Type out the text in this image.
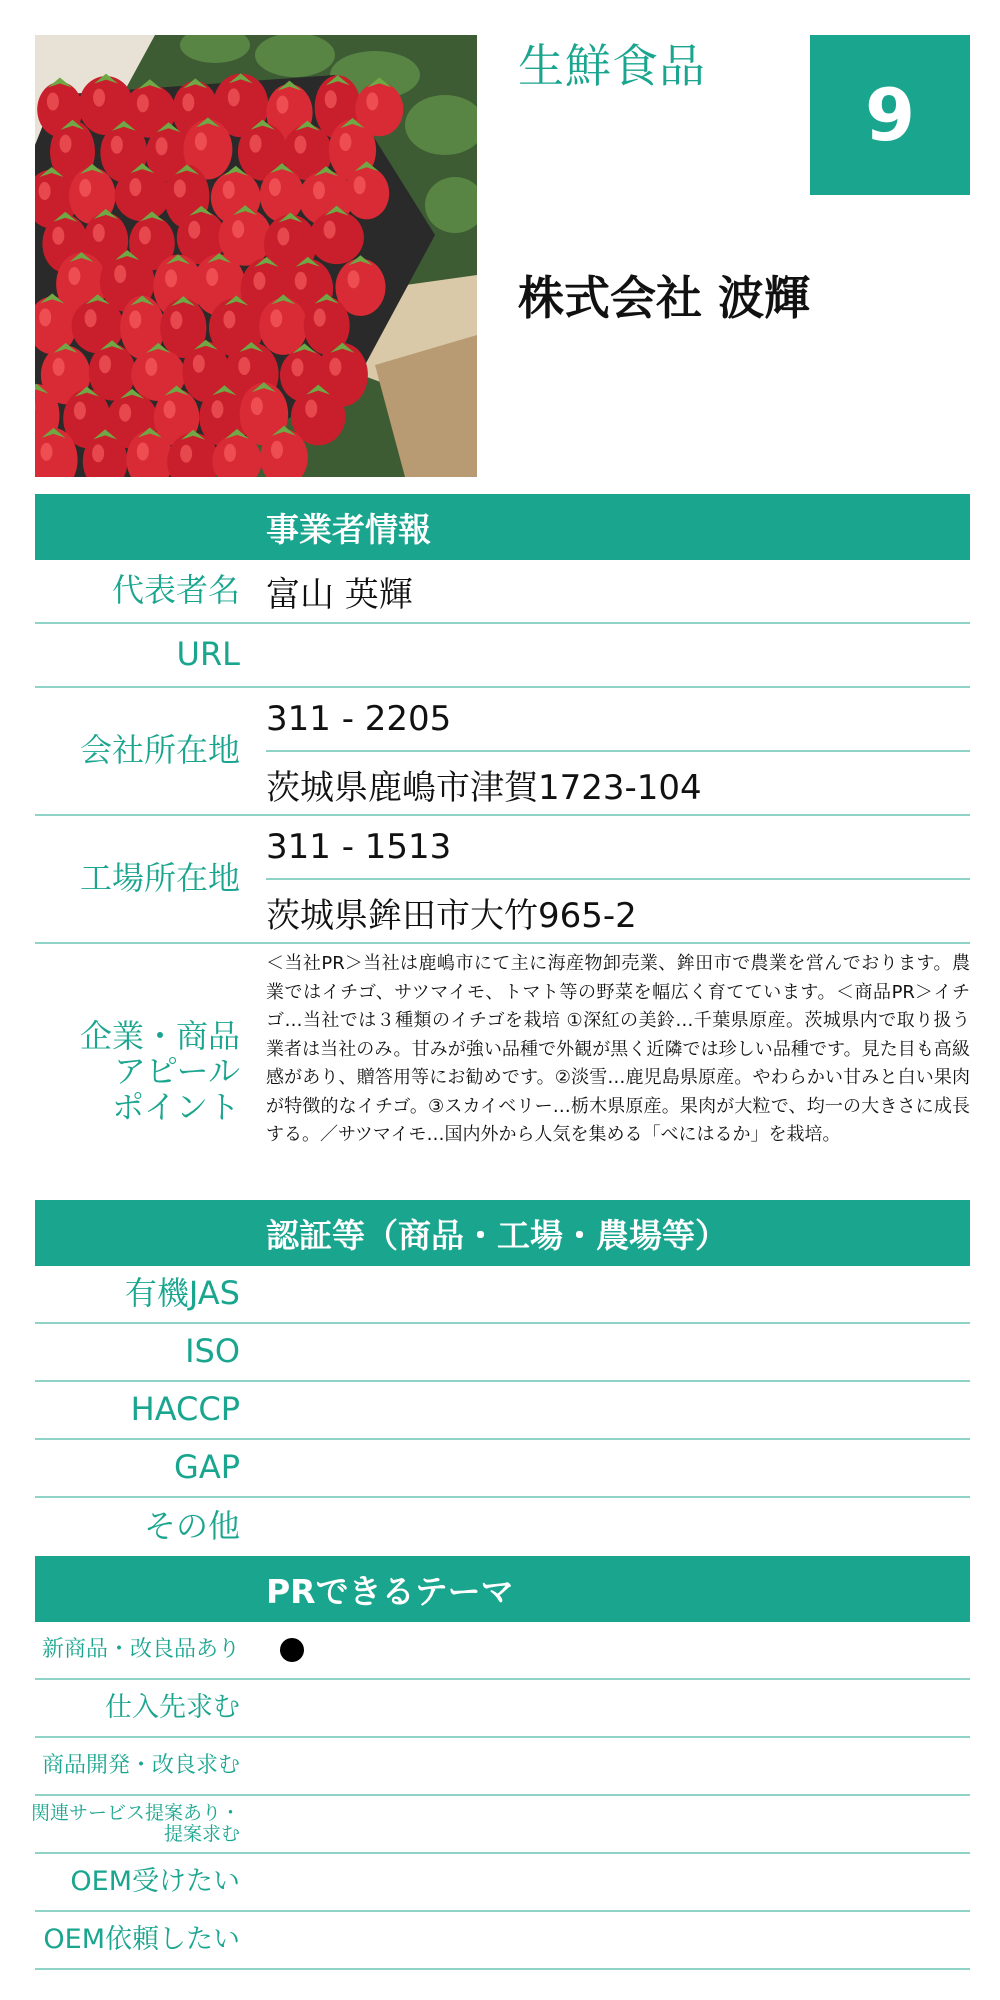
生鮮食品
9
株式会社 波輝
事業者情報
代表者名 富山 英輝
URL
会社所在地
311 - 2205
茨城県鹿嶋市津賀1723-104
工場所在地
311 - 1513
茨城県鉾田市大竹965-2
企業・商品
アピール
ポイント
＜当社PR＞当社は鹿嶋市にて主に海産物卸売業、鉾田市で農業を営んでおります。農業ではイチゴ、サツマイモ、トマト等の野菜を幅広く育てています。＜商品PR＞イチゴ…当社では３種類のイチゴを栽培 ①深紅の美鈴…千葉県原産。茨城県内で取り扱う業者は当社のみ。甘みが強い品種で外観が黒く近隣では珍しい品種です。見た目も高級感があり、贈答用等にお勧めです。②淡雪…鹿児島県原産。やわらかい甘みと白い果肉が特徴的なイチゴ。③スカイベリー…栃木県原産。果肉が大粒で、均一の大きさに成長する。／サツマイモ…国内外から人気を集める「べにはるか」を栽培。
認証等（商品・工場・農場等）
有機JAS
ISO
HACCP
GAP
その他
PRできるテーマ
新商品・改良品あり
仕入先求む
商品開発・改良求む
関連サービス提案あり・
提案求む
OEM受けたい
OEM依頼したい
